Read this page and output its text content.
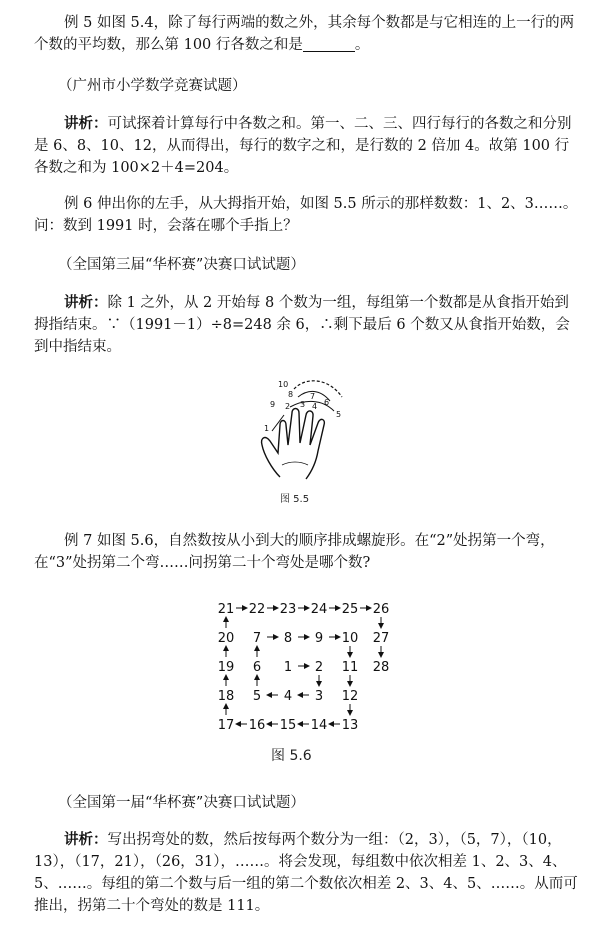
例 5 如图 5.4，除了每行两端的数之外，其余每个数都是与它相连的上一行的两个数的平均数，那么第 100 行各数之和是	。
（广州市小学数学竞赛试题）
讲析：可试探着计算每行中各数之和。第一、二、三、四行每行的各数之和分别是 6、8、10、12，从而得出，每行的数字之和，是行数的 2 倍加 4。故第 100 行各数之和为 100×2＋4=204。
例 6 伸出你的左手，从大拇指开始，如图 5.5 所示的那样数数：1、2、3……。问：数到 1991 时，会落在哪个手指上？
（全国第三届“华杯赛”决赛口试试题）
讲析：除 1 之外，从 2 开始每 8 个数为一组，每组第一个数都是从食指开始到拇指结束。∵（1991－1）÷8=248 余 6，∴剩下最后 6 个数又从食指开始数，会到中指结束。
10
8 7
9 2 3 4 6
5
1
图 5.5
例 7 如图 5.6，自然数按从小到大的顺序排成螺旋形。在“2”处拐第一个弯，在“3”处拐第二个弯……问拐第二十个弯处是哪个数?
1 2
3
4
5
6
7 8 9 10
11
12
13
14
15
16
17
18
19
20
21 22 23 24 25 26
27
28
图 5.6
（全国第一届“华杯赛”决赛口试试题）
讲析：写出拐弯处的数，然后按每两个数分为一组：（2，3），（5，7），（10，13），（17，21），（26，31），……。将会发现，每组数中依次相差 1、2、3、4、5、……。每组的第二个数与后一组的第二个数依次相差 2、3、4、5、……。从而可推出，拐第二十个弯处的数是 111。
